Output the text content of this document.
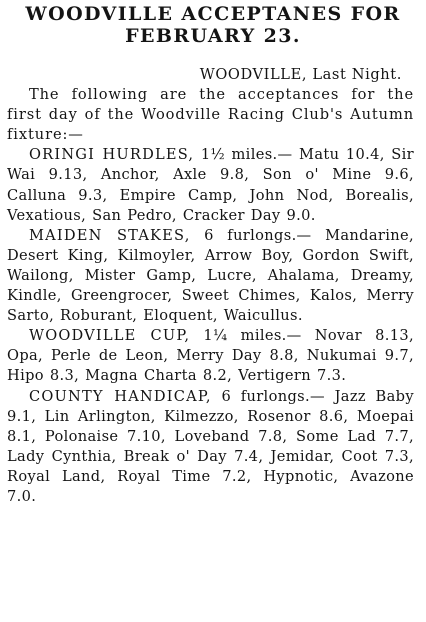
WOODVILLE ACCEPTANES FOR
FEBRUARY 23.
WOODVILLE, Last Night.
The following are the acceptances for the first day of the Woodville Racing Club's Autumn fixture:—
ORINGI HURDLES, 1½ miles.— Matu 10.4, Sir Wai 9.13, Anchor, Axle 9.8, Son o' Mine 9.6, Calluna 9.3, Empire Camp, John Nod, Borealis, Vexatious, San Pedro, Cracker Day 9.0.
MAIDEN STAKES, 6 furlongs.— Mandarine, Desert King, Kilmoyler, Arrow Boy, Gordon Swift, Wailong, Mister Gamp, Lucre, Ahalama, Dreamy, Kindle, Greengrocer, Sweet Chimes, Kalos, Merry Sarto, Roburant, Eloquent, Waicullus.
WOODVILLE CUP, 1¼ miles.— Novar 8.13, Opa, Perle de Leon, Merry Day 8.8, Nukumai 9.7, Hipo 8.3, Magna Charta 8.2, Vertigern 7.3.
COUNTY HANDICAP, 6 furlongs.— Jazz Baby 9.1, Lin Arlington, Kilmezzo, Rosenor 8.6, Moepai 8.1, Polonaise 7.10, Loveband 7.8, Some Lad 7.7, Lady Cynthia, Break o' Day 7.4, Jemidar, Coot 7.3, Royal Land, Royal Time 7.2, Hypnotic, Avazone 7.0.
